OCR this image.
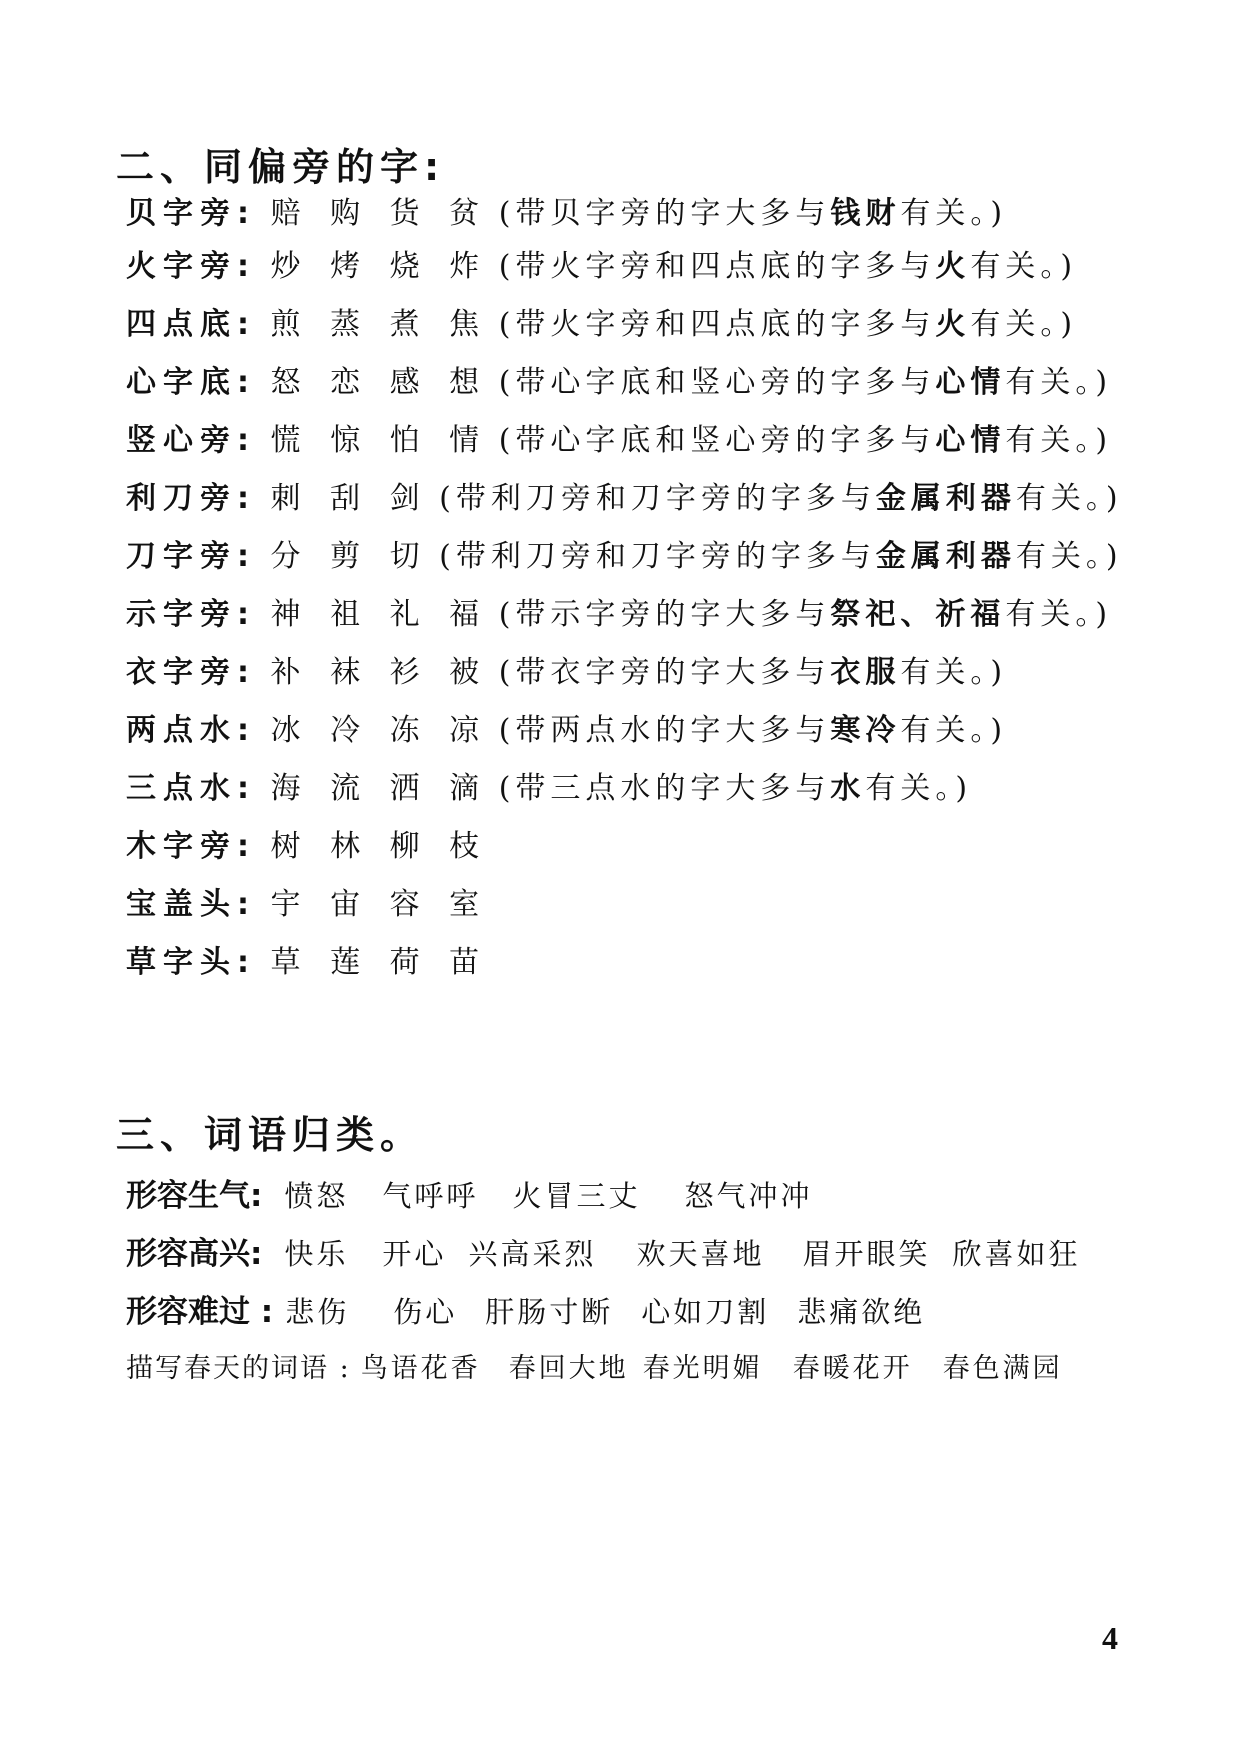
二、同偏旁的字:
贝字旁: 赔 购 货 贫 (带贝字旁的字大多与钱财有关。)
火字旁: 炒 烤 烧 炸 (带火字旁和四点底的字多与火有关。)
四点底: 煎 蒸 煮 焦 (带火字旁和四点底的字多与火有关。)
心字底: 怒 恋 感 想 (带心字底和竖心旁的字多与心情有关。)
竖心旁: 慌 惊 怕 情 (带心字底和竖心旁的字多与心情有关。)
利刀旁: 刺 刮 剑 (带利刀旁和刀字旁的字多与金属利器有关。)
刀字旁: 分 剪 切 (带利刀旁和刀字旁的字多与金属利器有关。)
示字旁: 神 祖 礼 福 (带示字旁的字大多与祭祀、祈福有关。)
衣字旁: 补 袜 衫 被 (带衣字旁的字大多与衣服有关。)
两点水: 冰 冷 冻 凉 (带两点水的字大多与寒冷有关。)
三点水: 海 流 洒 滴 (带三点水的字大多与水有关。)
木字旁: 树 林 柳 枝
宝盖头: 宇 宙 容 室
草字头: 草 莲 荷 苗
三、词语归类。
形容生气: 愤怒 气呼呼 火冒三丈 怒气冲冲
形容高兴: 快乐 开心 兴高采烈 欢天喜地 眉开眼笑 欣喜如狂
形容难过 : 悲伤 伤心 肝肠寸断 心如刀割 悲痛欲绝
描写春天的词语 : 鸟语花香 春回大地 春光明媚 春暖花开 春色满园
4
